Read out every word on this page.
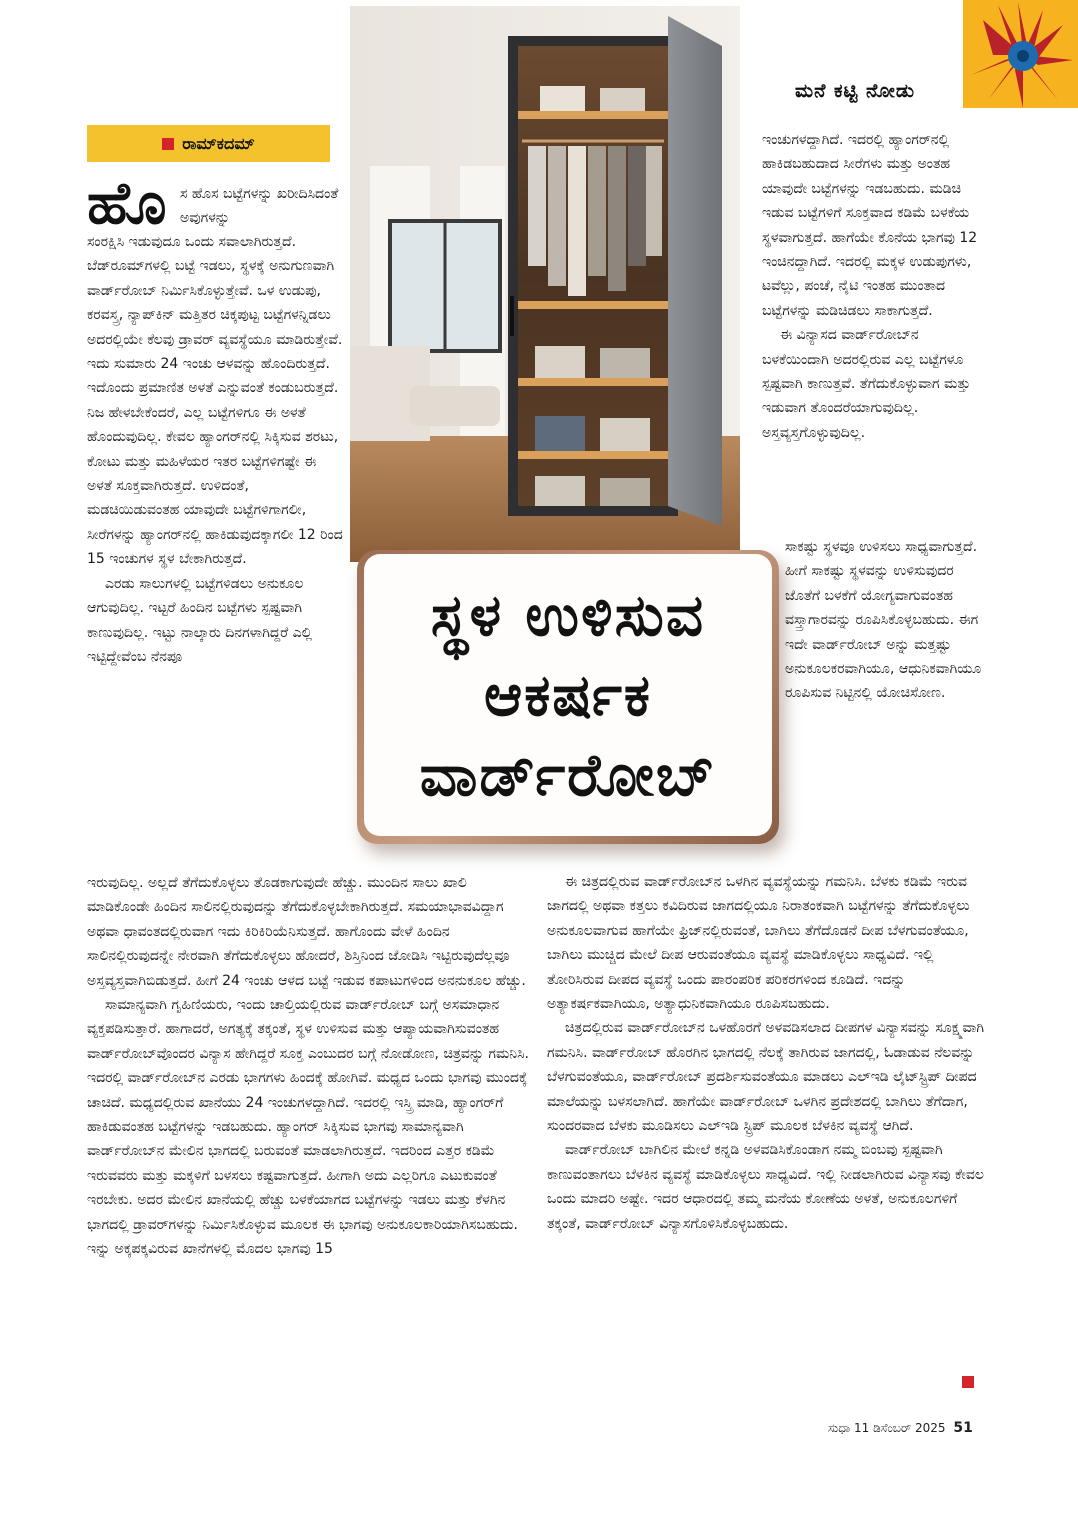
ಮನೆ ಕಟ್ಟಿ ನೋಡು
ರಾಮ್‌ಕದಮ್
ಸ್ಥಳ ಉಳಿಸುವ
ಆಕರ್ಷಕ
ವಾರ್ಡ್‌ರೋಬ್
ಹೊ ಸ ಹೊಸ ಬಟ್ಟೆಗಳನ್ನು ಖರೀದಿಸಿದಂತೆ ಅವುಗಳನ್ನು

ಸಂರಕ್ಷಿಸಿ ಇಡುವುದೂ ಒಂದು ಸವಾಲಾಗಿರುತ್ತದೆ. ಬೆಡ್‌ರೂಮ್‌ಗಳಲ್ಲಿ ಬಟ್ಟೆ ಇಡಲು, ಸ್ಥಳಕ್ಕೆ ಅನುಗುಣವಾಗಿ ವಾರ್ಡ್‌ರೋಬ್ ನಿರ್ಮಿಸಿಕೊಳ್ಳುತ್ತೇವೆ. ಒಳ ಉಡುಪು, ಕರವಸ್ತ್ರ, ನ್ಯಾಪ್‌ಕಿನ್ ಮತ್ತಿತರ ಚಿಕ್ಕಪುಟ್ಟ ಬಟ್ಟೆಗಳನ್ನಿಡಲು ಅದರಲ್ಲಿಯೇ ಕೆಲವು ಡ್ರಾವರ್ ವ್ಯವಸ್ಥೆಯೂ ಮಾಡಿರುತ್ತೇವೆ. ಇದು ಸುಮಾರು 24 ಇಂಚು ಆಳವನ್ನು ಹೊಂದಿರುತ್ತದೆ. ಇದೊಂದು ಪ್ರಮಾಣಿತ ಅಳತೆ ಎನ್ನುವಂತೆ ಕಂಡುಬರುತ್ತದೆ. ನಿಜ ಹೇಳಬೇಕೆಂದರೆ, ಎಲ್ಲ ಬಟ್ಟೆಗಳಿಗೂ ಈ ಅಳತೆ ಹೊಂದುವುದಿಲ್ಲ. ಕೇವಲ ಹ್ಯಾಂಗರ್‌ನಲ್ಲಿ ಸಿಕ್ಕಿಸುವ ಶರಟು, ಕೋಟು ಮತ್ತು ಮಹಿಳೆಯರ ಇತರ ಬಟ್ಟೆಗಳಿಗಷ್ಟೇ ಈ ಅಳತೆ ಸೂಕ್ತವಾಗಿರುತ್ತದೆ. ಉಳಿದಂತೆ, ಮಡಚಿಯಿಡುವಂತಹ ಯಾವುದೇ ಬಟ್ಟೆಗಳಿಗಾಗಲೀ, ಸೀರೆಗಳನ್ನು ಹ್ಯಾಂಗರ್‌ನಲ್ಲಿ ಹಾಕಿಡುವುದಕ್ಕಾಗಲೀ 12 ರಿಂದ 15 ಇಂಚುಗಳ ಸ್ಥಳ ಬೇಕಾಗಿರುತ್ತದೆ.

ಎರಡು ಸಾಲುಗಳಲ್ಲಿ ಬಟ್ಟೆಗಳಿಡಲು ಅನುಕೂಲ ಆಗುವುದಿಲ್ಲ. ಇಟ್ಟರೆ ಹಿಂದಿನ ಬಟ್ಟೆಗಳು ಸ್ಪಷ್ಟವಾಗಿ ಕಾಣುವುದಿಲ್ಲ. ಇಟ್ಟು ನಾಲ್ಕಾರು ದಿನಗಳಾಗಿದ್ದರೆ ಎಲ್ಲಿ ಇಟ್ಟಿದ್ದೇವೆಂಬ ನೆನಪೂ

ಇರುವುದಿಲ್ಲ. ಅಲ್ಲದೆ ತೆಗೆದುಕೊಳ್ಳಲು ತೊಡಕಾಗುವುದೇ ಹೆಚ್ಚು. ಮುಂದಿನ ಸಾಲು ಖಾಲಿ ಮಾಡಿಕೊಂಡೇ ಹಿಂದಿನ ಸಾಲಿನಲ್ಲಿರುವುದನ್ನು ತೆಗೆದುಕೊಳ್ಳಬೇಕಾಗಿರುತ್ತದೆ. ಸಮಯಾಭಾವವಿದ್ದಾಗ ಅಥವಾ ಧಾವಂತದಲ್ಲಿರುವಾಗ ಇದು ಕಿರಿಕಿರಿಯೆನಿಸುತ್ತದೆ. ಹಾಗೊಂದು ವೇಳೆ ಹಿಂದಿನ ಸಾಲಿನಲ್ಲಿರುವುದನ್ನೇ ನೇರವಾಗಿ ತೆಗೆದುಕೊಳ್ಳಲು ಹೋದರೆ, ಶಿಸ್ತಿನಿಂದ ಜೋಡಿಸಿ ಇಟ್ಟಿರುವುದೆಲ್ಲವೂ ಅಸ್ತವ್ಯಸ್ತವಾಗಿಬಿಡುತ್ತದೆ. ಹೀಗೆ 24 ಇಂಚು ಆಳದ ಬಟ್ಟೆ ಇಡುವ ಕಪಾಟುಗಳಿಂದ ಅನನುಕೂಲ ಹೆಚ್ಚು.

ಸಾಮಾನ್ಯವಾಗಿ ಗೃಹಿಣಿಯರು, ಇಂದು ಚಾಲ್ತಿಯಲ್ಲಿರುವ ವಾರ್ಡ್‌ರೋಬ್ ಬಗ್ಗೆ ಅಸಮಾಧಾನ ವ್ಯಕ್ತಪಡಿಸುತ್ತಾರೆ. ಹಾಗಾದರೆ, ಅಗತ್ಯಕ್ಕೆ ತಕ್ಕಂತೆ, ಸ್ಥಳ ಉಳಿಸುವ ಮತ್ತು ಆಪ್ಯಾಯವಾಗಿಸುವಂತಹ ವಾರ್ಡ್‌ರೋಬ್‌ವೊಂದರ ವಿನ್ಯಾಸ ಹೇಗಿದ್ದರೆ ಸೂಕ್ತ ಎಂಬುದರ ಬಗ್ಗೆ ನೋಡೋಣ, ಚಿತ್ರವನ್ನು ಗಮನಿಸಿ. ಇದರಲ್ಲಿ ವಾರ್ಡ್‌ರೋಬ್‌ನ ಎರಡು ಭಾಗಗಳು ಹಿಂದಕ್ಕೆ ಹೋಗಿವೆ. ಮಧ್ಯದ ಒಂದು ಭಾಗವು ಮುಂದಕ್ಕೆ ಚಾಚಿದೆ. ಮಧ್ಯದಲ್ಲಿರುವ ಖಾನೆಯು 24 ಇಂಚುಗಳದ್ದಾಗಿದೆ. ಇದರಲ್ಲಿ ಇಸ್ತ್ರಿ ಮಾಡಿ, ಹ್ಯಾಂಗರ್‌ಗೆ ಹಾಕಿಡುವಂತಹ ಬಟ್ಟೆಗಳನ್ನು ಇಡಬಹುದು. ಹ್ಯಾಂಗರ್ ಸಿಕ್ಕಿಸುವ ಭಾಗವು ಸಾಮಾನ್ಯವಾಗಿ ವಾರ್ಡ್‌ರೋಬ್‌ನ ಮೇಲಿನ ಭಾಗದಲ್ಲಿ ಬರುವಂತೆ ಮಾಡಲಾಗಿರುತ್ತದೆ. ಇದರಿಂದ ಎತ್ತರ ಕಡಿಮೆ ಇರುವವರು ಮತ್ತು ಮಕ್ಕಳಿಗೆ ಬಳಸಲು ಕಷ್ಟವಾಗುತ್ತದೆ. ಹೀಗಾಗಿ ಅದು ಎಲ್ಲರಿಗೂ ಎಟುಕುವಂತೆ ಇರಬೇಕು. ಅದರ ಮೇಲಿನ ಖಾನೆಯಲ್ಲಿ ಹೆಚ್ಚು ಬಳಕೆಯಾಗದ ಬಟ್ಟೆಗಳನ್ನು ಇಡಲು ಮತ್ತು ಕೆಳಗಿನ ಭಾಗದಲ್ಲಿ ಡ್ರಾವರ್‌ಗಳನ್ನು ನಿರ್ಮಿಸಿಕೊಳ್ಳುವ ಮೂಲಕ ಈ ಭಾಗವು ಅನುಕೂಲಕಾರಿಯಾಗಿಸಬಹುದು. ಇನ್ನು ಅಕ್ಕಪಕ್ಕವಿರುವ ಖಾನೆಗಳಲ್ಲಿ ಮೊದಲ ಭಾಗವು 15

ಇಂಚುಗಳದ್ದಾಗಿದೆ. ಇದರಲ್ಲಿ ಹ್ಯಾಂಗರ್‌ನಲ್ಲಿ ಹಾಕಿಡಬಹುದಾದ ಸೀರೆಗಳು ಮತ್ತು ಅಂತಹ ಯಾವುದೇ ಬಟ್ಟೆಗಳನ್ನು ಇಡಬಹುದು. ಮಡಿಚಿ ಇಡುವ ಬಟ್ಟೆಗಳಿಗೆ ಸೂಕ್ತವಾದ ಕಡಿಮೆ ಬಳಕೆಯ ಸ್ಥಳವಾಗುತ್ತದೆ. ಹಾಗೆಯೇ ಕೊನೆಯ ಭಾಗವು 12 ಇಂಚಿನದ್ದಾಗಿದೆ. ಇದರಲ್ಲಿ ಮಕ್ಕಳ ಉಡುಪುಗಳು, ಟವೆಲ್ಲು, ಪಂಚೆ, ನೈಟಿ ಇಂತಹ ಮುಂತಾದ ಬಟ್ಟೆಗಳನ್ನು ಮಡಿಚಿಡಲು ಸಾಕಾಗುತ್ತದೆ.

ಈ ವಿನ್ಯಾಸದ ವಾರ್ಡ್‌ರೋಬ್‌ನ ಬಳಕೆಯಿಂದಾಗಿ ಅದರಲ್ಲಿರುವ ಎಲ್ಲ ಬಟ್ಟೆಗಳೂ ಸ್ಪಷ್ಟವಾಗಿ ಕಾಣುತ್ತವೆ. ತೆಗೆದುಕೊಳ್ಳುವಾಗ ಮತ್ತು ಇಡುವಾಗ ತೊಂದರೆಯಾಗುವುದಿಲ್ಲ. ಅಸ್ತವ್ಯಸ್ತಗೊಳ್ಳುವುದಿಲ್ಲ.

ಸಾಕಷ್ಟು ಸ್ಥಳವೂ ಉಳಿಸಲು ಸಾಧ್ಯವಾಗುತ್ತದೆ. ಹೀಗೆ ಸಾಕಷ್ಟು ಸ್ಥಳವನ್ನು ಉಳಿಸುವುದರ ಜೊತೆಗೆ ಬಳಕೆಗೆ ಯೋಗ್ಯವಾಗುವಂತಹ ವಸ್ತ್ರಾಗಾರವನ್ನು ರೂಪಿಸಿಕೊಳ್ಳಬಹುದು. ಈಗ ಇದೇ ವಾರ್ಡ್‌ರೋಬ್ ಅನ್ನು ಮತ್ತಷ್ಟು ಅನುಕೂಲಕರವಾಗಿಯೂ, ಆಧುನಿಕವಾಗಿಯೂ ರೂಪಿಸುವ ನಿಟ್ಟಿನಲ್ಲಿ ಯೋಚಿಸೋಣ.

ಈ ಚಿತ್ರದಲ್ಲಿರುವ ವಾರ್ಡ್‌ರೋಬ್‌ನ ಒಳಗಿನ ವ್ಯವಸ್ಥೆಯನ್ನು ಗಮನಿಸಿ. ಬೆಳಕು ಕಡಿಮೆ ಇರುವ ಜಾಗದಲ್ಲಿ ಅಥವಾ ಕತ್ತಲು ಕವಿದಿರುವ ಜಾಗದಲ್ಲಿಯೂ ನಿರಾತಂಕವಾಗಿ ಬಟ್ಟೆಗಳನ್ನು ತೆಗೆದುಕೊಳ್ಳಲು ಅನುಕೂಲವಾಗುವ ಹಾಗೆಯೇ ಫ್ರಿಜ್‌ನಲ್ಲಿರುವಂತೆ, ಬಾಗಿಲು ತೆಗೆದೊಡನೆ ದೀಪ ಬೆಳಗುವಂತೆಯೂ, ಬಾಗಿಲು ಮುಚ್ಚಿದ ಮೇಲೆ ದೀಪ ಆರುವಂತೆಯೂ ವ್ಯವಸ್ಥೆ ಮಾಡಿಕೊಳ್ಳಲು ಸಾಧ್ಯವಿದೆ. ಇಲ್ಲಿ ತೋರಿಸಿರುವ ದೀಪದ ವ್ಯವಸ್ಥೆ ಒಂದು ಪಾರಂಪರಿಕ ಪರಿಕರಗಳಿಂದ ಕೂಡಿದೆ. ಇದನ್ನು ಅತ್ಯಾಕರ್ಷಕವಾಗಿಯೂ, ಅತ್ಯಾಧುನಿಕವಾಗಿಯೂ ರೂಪಿಸಬಹುದು.

ಚಿತ್ರದಲ್ಲಿರುವ ವಾರ್ಡ್‌ರೋಬ್‌ನ ಒಳಹೊರಗೆ ಅಳವಡಿಸಲಾದ ದೀಪಗಳ ವಿನ್ಯಾಸವನ್ನು ಸೂಕ್ಷ್ಮವಾಗಿ ಗಮನಿಸಿ. ವಾರ್ಡ್‌ರೋಬ್ ಹೊರಗಿನ ಭಾಗದಲ್ಲಿ ನೆಲಕ್ಕೆ ತಾಗಿರುವ ಜಾಗದಲ್ಲಿ, ಓಡಾಡುವ ನೆಲವನ್ನು ಬೆಳಗುವಂತೆಯೂ, ವಾರ್ಡ್‌ರೋಬ್ ಪ್ರದರ್ಶಿಸುವಂತೆಯೂ ಮಾಡಲು ಎಲ್‌ಇಡಿ ಲೈಟ್‌ಸ್ಟ್ರಿಪ್ ದೀಪದ ಮಾಲೆಯನ್ನು ಬಳಸಲಾಗಿದೆ. ಹಾಗೆಯೇ ವಾರ್ಡ್‌ರೋಬ್ ಒಳಗಿನ ಪ್ರದೇಶದಲ್ಲಿ ಬಾಗಿಲು ತೆಗೆದಾಗ, ಸುಂದರವಾದ ಬೆಳಕು ಮೂಡಿಸಲು ಎಲ್‌ಇಡಿ ಸ್ಟ್ರಿಪ್ ಮೂಲಕ ಬೆಳಕಿನ ವ್ಯವಸ್ಥೆ ಆಗಿದೆ.

ವಾರ್ಡ್‌ರೋಬ್ ಬಾಗಿಲಿನ ಮೇಲೆ ಕನ್ನಡಿ ಅಳವಡಿಸಿಕೊಂಡಾಗ ನಮ್ಮ ಬಿಂಬವು ಸ್ಪಷ್ಟವಾಗಿ ಕಾಣುವಂತಾಗಲು ಬೆಳಕಿನ ವ್ಯವಸ್ಥೆ ಮಾಡಿಕೊಳ್ಳಲು ಸಾಧ್ಯವಿದೆ. ಇಲ್ಲಿ ನೀಡಲಾಗಿರುವ ವಿನ್ಯಾಸವು ಕೇವಲ ಒಂದು ಮಾದರಿ ಅಷ್ಟೇ. ಇದರ ಆಧಾರದಲ್ಲಿ ತಮ್ಮ ಮನೆಯ ಕೋಣೆಯ ಅಳತೆ, ಅನುಕೂಲಗಳಿಗೆ ತಕ್ಕಂತೆ, ವಾರ್ಡ್‌ರೋಬ್ ವಿನ್ಯಾಸಗೊಳಿಸಿಕೊಳ್ಳಬಹುದು.

ಸುಧಾ 11 ಡಿಸೆಂಬರ್ 2025 51
